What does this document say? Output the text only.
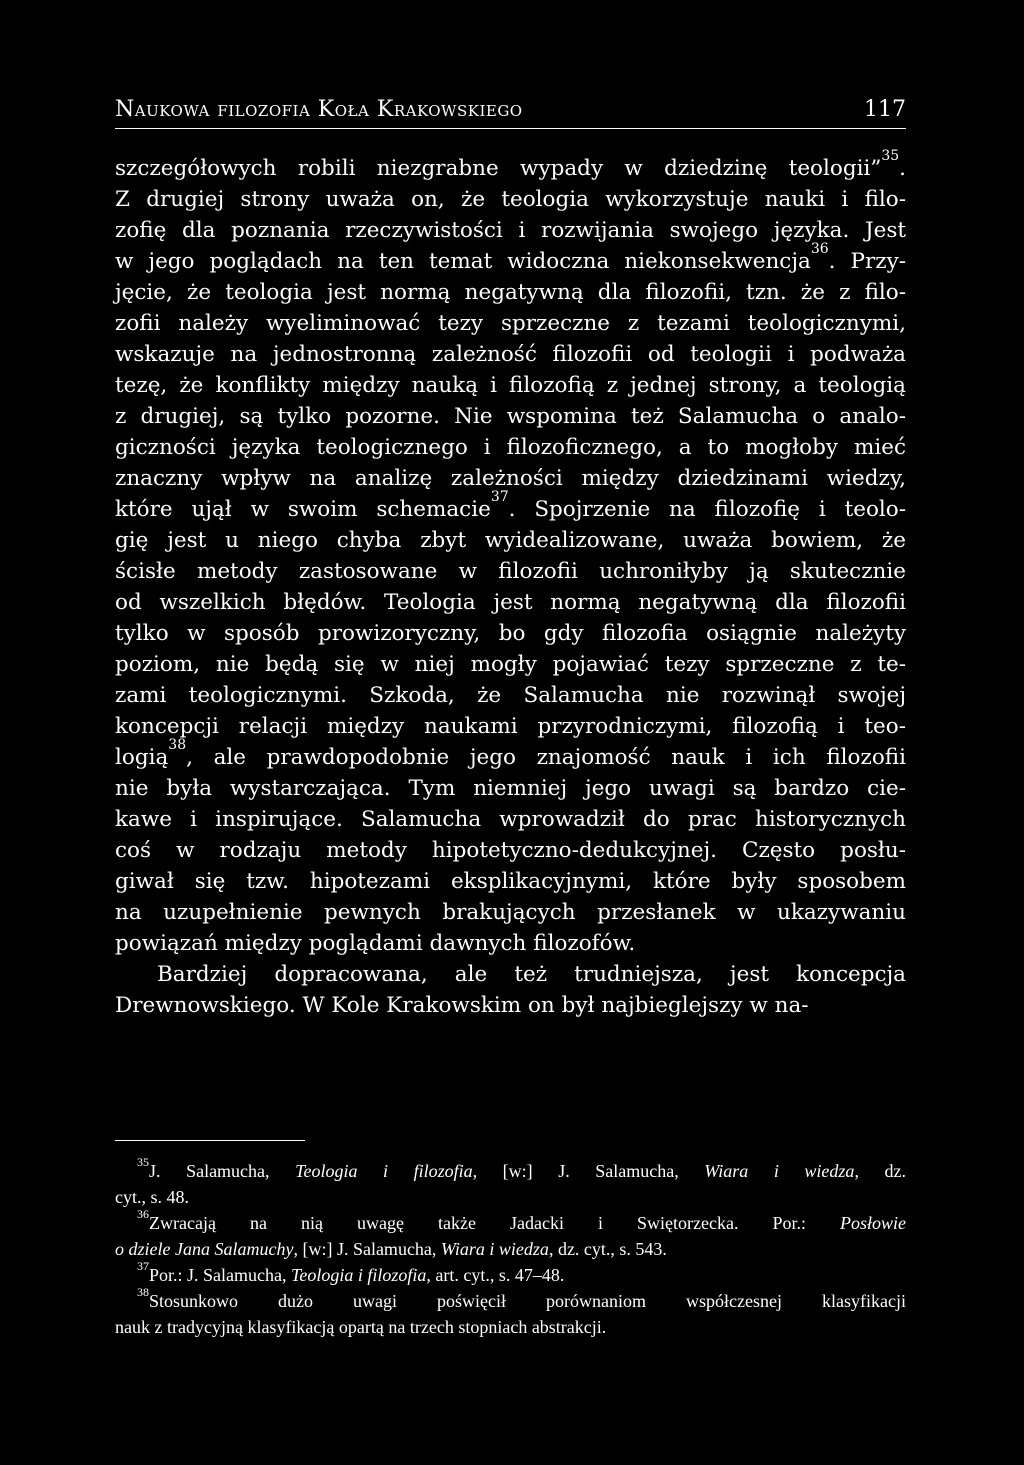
Naukowa filozofia Koła Krakowskiego	117
szczegółowych robili niezgrabne wypady w dziedzinę teologii”$^{35}$.
Z drugiej strony uważa on, że teologia wykorzystuje nauki i filo-
zofię dla poznania rzeczywistości i rozwijania swojego języka. Jest
w jego poglądach na ten temat widoczna niekonsekwencja$^{36}$. Przy-
jęcie, że teologia jest normą negatywną dla filozofii, tzn. że z filo-
zofii należy wyeliminować tezy sprzeczne z tezami teologicznymi,
wskazuje na jednostronną zależność filozofii od teologii i podważa
tezę, że konflikty między nauką i filozofią z jednej strony, a teologią
z drugiej, są tylko pozorne. Nie wspomina też Salamucha o analo-
giczności języka teologicznego i filozoficznego, a to mogłoby mieć
znaczny wpływ na analizę zależności między dziedzinami wiedzy,
które ujął w swoim schemacie$^{37}$. Spojrzenie na filozofię i teolo-
gię jest u niego chyba zbyt wyidealizowane, uważa bowiem, że
ścisłe metody zastosowane w filozofii uchroniłyby ją skutecznie
od wszelkich błędów. Teologia jest normą negatywną dla filozofii
tylko w sposób prowizoryczny, bo gdy filozofia osiągnie należyty
poziom, nie będą się w niej mogły pojawiać tezy sprzeczne z te-
zami teologicznymi. Szkoda, że Salamucha nie rozwinął swojej
koncepcji relacji między naukami przyrodniczymi, filozofią i teo-
logią$^{38}$, ale prawdopodobnie jego znajomość nauk i ich filozofii
nie była wystarczająca. Tym niemniej jego uwagi są bardzo cie-
kawe i inspirujące. Salamucha wprowadził do prac historycznych
coś w rodzaju metody hipotetyczno-dedukcyjnej. Często posłu-
giwał się tzw. hipotezami eksplikacyjnymi, które były sposobem
na uzupełnienie pewnych brakujących przesłanek w ukazywaniu
powiązań między poglądami dawnych filozofów.
Bardziej dopracowana, ale też trudniejsza, jest koncepcja
Drewnowskiego. W Kole Krakowskim on był najbieglejszy w na-
$^{35}$J. Salamucha, Teologia i filozofia, [w:] J. Salamucha, Wiara i wiedza, dz.
cyt., s. 48.
$^{36}$Zwracają na nią uwagę także Jadacki i Swiętorzecka. Por.: Posłowie
o dziele Jana Salamuchy, [w:] J. Salamucha, Wiara i wiedza, dz. cyt., s. 543.
$^{37}$Por.: J. Salamucha, Teologia i filozofia, art. cyt., s. 47–48.
$^{38}$Stosunkowo dużo uwagi poświęcił porównaniom współczesnej klasyfikacji
nauk z tradycyjną klasyfikacją opartą na trzech stopniach abstrakcji.
